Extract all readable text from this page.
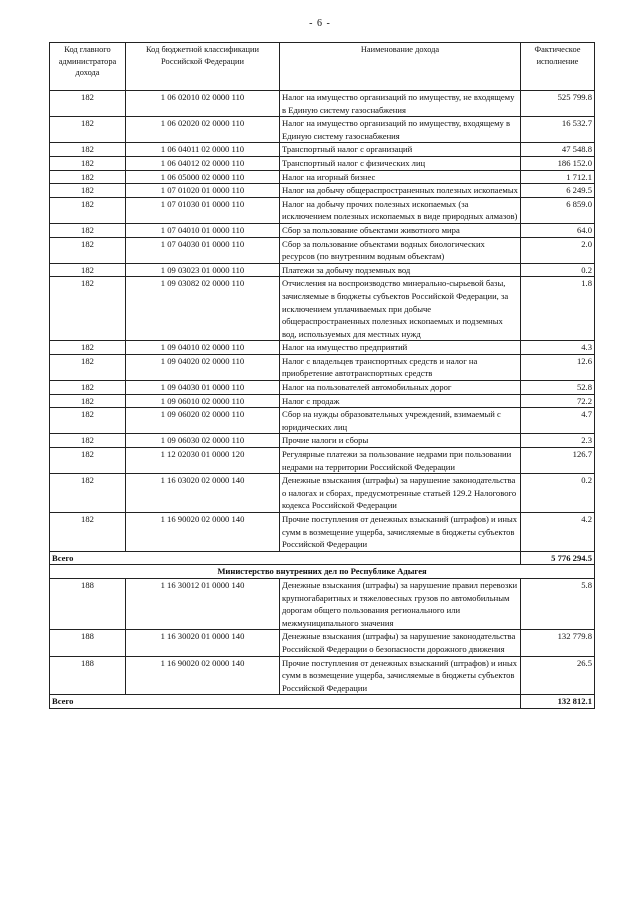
- 6 -
Код главного администратора дохода	Код бюджетной классификации Российской Федерации	Наименование дохода	Фактическое исполнение
182	1 06 02010 02 0000 110	Налог на имущество организаций по имуществу, не входящему в Единую систему газоснабжения	525 799.8
182	1 06 02020 02 0000 110	Налог на имущество организаций по имуществу, входящему в Единую систему газоснабжения	16 532.7
182	1 06 04011 02 0000 110	Транспортный налог с организаций	47 548.8
182	1 06 04012 02 0000 110	Транспортный налог с физических лиц	186 152.0
182	1 06 05000 02 0000 110	Налог на игорный бизнес	1 712.1
182	1 07 01020 01 0000 110	Налог на добычу общераспространенных полезных ископаемых	6 249.5
182	1 07 01030 01 0000 110	Налог на добычу прочих полезных ископаемых (за исключением полезных ископаемых в виде природных алмазов)	6 859.0
182	1 07 04010 01 0000 110	Сбор за пользование объектами животного мира	64.0
182	1 07 04030 01 0000 110	Сбор за пользование объектами водных биологических ресурсов (по внутренним водным объектам)	2.0
182	1 09 03023 01 0000 110	Платежи за добычу подземных вод	0.2
182	1 09 03082 02 0000 110	Отчисления на воспроизводство минерально-сырьевой базы, зачисляемые в бюджеты субъектов Российской Федерации, за исключением уплачиваемых при добыче общераспространенных полезных ископаемых и подземных вод, используемых для местных нужд	1.8
182	1 09 04010 02 0000 110	Налог на имущество предприятий	4.3
182	1 09 04020 02 0000 110	Налог с владельцев транспортных средств и налог на приобретение автотранспортных средств	12.6
182	1 09 04030 01 0000 110	Налог на пользователей автомобильных дорог	52.8
182	1 09 06010 02 0000 110	Налог с продаж	72.2
182	1 09 06020 02 0000 110	Сбор на нужды образовательных учреждений, взимаемый с юридических лиц	4.7
182	1 09 06030 02 0000 110	Прочие налоги и сборы	2.3
182	1 12 02030 01 0000 120	Регулярные платежи за пользование недрами при пользовании недрами на территории Российской Федерации	126.7
182	1 16 03020 02 0000 140	Денежные взыскания (штрафы) за нарушение законодательства о налогах и сборах, предусмотренные статьей 129.2 Налогового кодекса Российской Федерации	0.2
182	1 16 90020 02 0000 140	Прочие поступления от денежных взысканий (штрафов) и иных сумм в возмещение ущерба, зачисляемые в бюджеты субъектов Российской Федерации	4.2
Всего			5 776 294.5
Министерство внутренних дел по Республике Адыгея			
188	1 16 30012 01 0000 140	Денежные взыскания (штрафы) за нарушение правил перевозки крупногабаритных и тяжеловесных грузов по автомобильным дорогам общего пользования регионального или межмуниципального значения	5.8
188	1 16 30020 01 0000 140	Денежные взыскания (штрафы) за нарушение законодательства Российской Федерации о безопасности дорожного движения	132 779.8
188	1 16 90020 02 0000 140	Прочие поступления от денежных взысканий (штрафов) и иных сумм в возмещение ущерба, зачисляемые в бюджеты субъектов Российской Федерации	26.5
Всего			132 812.1
